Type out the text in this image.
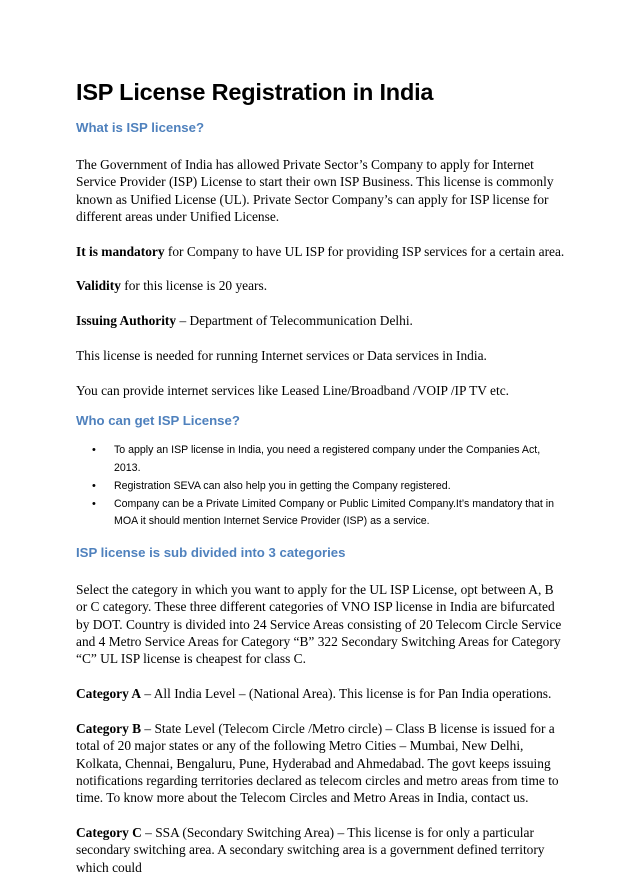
ISP License Registration in India
What is ISP license?

The Government of India has allowed Private Sector’s Company to apply for Internet Service Provider (ISP) License to start their own ISP Business. This license is commonly known as Unified License (UL). Private Sector Company’s can apply for ISP license for different areas under Unified License.

It is mandatory for Company to have UL ISP for providing ISP services for a certain area.

Validity for this license is 20 years.

Issuing Authority – Department of Telecommunication Delhi.

This license is needed for running Internet services or Data services in India.

You can provide internet services like Leased Line/Broadband /VOIP /IP TV etc.

Who can get ISP License?
• To apply an ISP license in India, you need a registered company under the Companies Act, 2013.
• Registration SEVA can also help you in getting the Company registered.
• Company can be a Private Limited Company or Public Limited Company.It’s mandatory that in MOA it should mention Internet Service Provider (ISP) as a service.
ISP license is sub divided into 3 categories

Select the category in which you want to apply for the UL ISP License, opt between A, B or C category. These three different categories of VNO ISP license in India are bifurcated by DOT. Country is divided into 24 Service Areas consisting of 20 Telecom Circle Service and 4 Metro Service Areas for Category “B” 322 Secondary Switching Areas for Category “C” UL ISP license is cheapest for class C.

Category A – All India Level – (National Area). This license is for Pan India operations.

Category B – State Level (Telecom Circle /Metro circle) – Class B license is issued for a total of 20 major states or any of the following Metro Cities – Mumbai, New Delhi, Kolkata, Chennai, Bengaluru, Pune, Hyderabad and Ahmedabad. The govt keeps issuing notifications regarding territories declared as telecom circles and metro areas from time to time. To know more about the Telecom Circles and Metro Areas in India, contact us.

Category C – SSA (Secondary Switching Area) – This license is for only a particular secondary switching area. A secondary switching area is a government defined territory which could
